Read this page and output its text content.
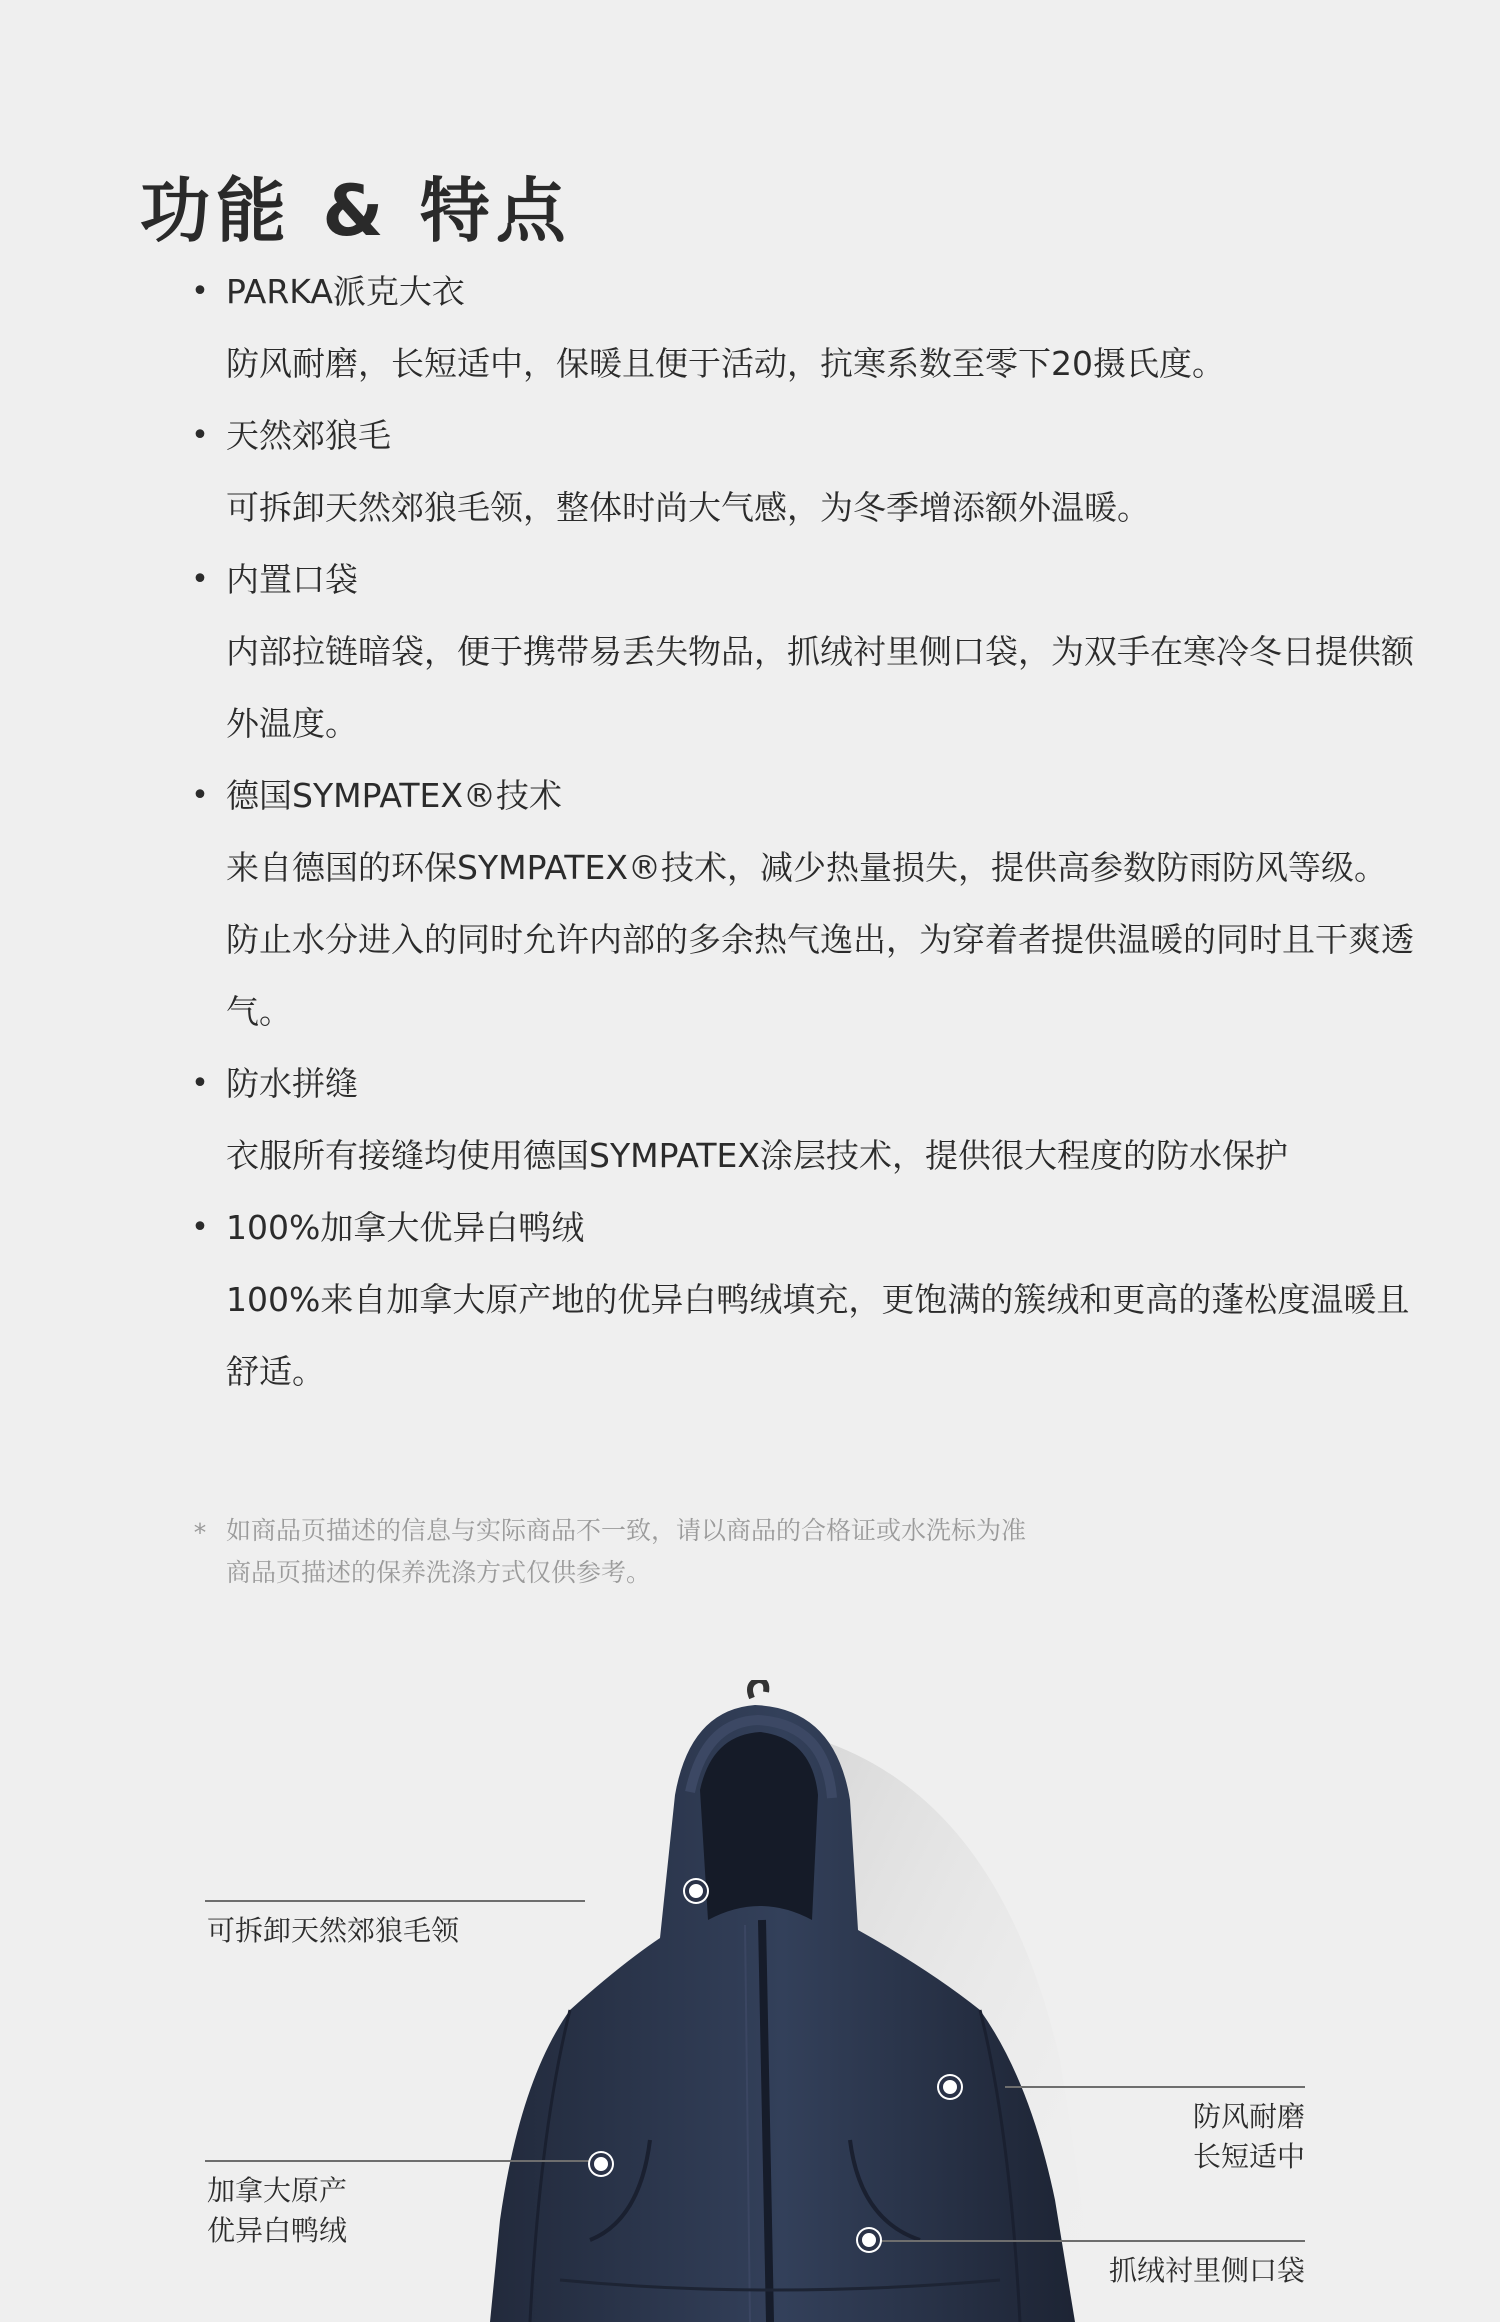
功能 & 特点
• PARKA派克大衣
防风耐磨，长短适中，保暖且便于活动，抗寒系数至零下20摄氏度。
• 天然郊狼毛
可拆卸天然郊狼毛领，整体时尚大气感，为冬季增添额外温暖。
• 内置口袋
内部拉链暗袋，便于携带易丢失物品，抓绒衬里侧口袋，为双手在寒冷冬日提供额外温度。
• 德国SYMPATEX®技术
来自德国的环保SYMPATEX®技术，减少热量损失，提供高参数防雨防风等级。
防止水分进入的同时允许内部的多余热气逸出，为穿着者提供温暖的同时且干爽透气。
• 防水拼缝
衣服所有接缝均使用德国SYMPATEX涂层技术，提供很大程度的防水保护
• 100%加拿大优异白鸭绒
100%来自加拿大原产地的优异白鸭绒填充，更饱满的簇绒和更高的蓬松度温暖且舒适。
* 如商品页描述的信息与实际商品不一致，请以商品的合格证或水洗标为准
商品页描述的保养洗涤方式仅供参考。
可拆卸天然郊狼毛领
加拿大原产
优异白鸭绒
防风耐磨
长短适中
抓绒衬里侧口袋
